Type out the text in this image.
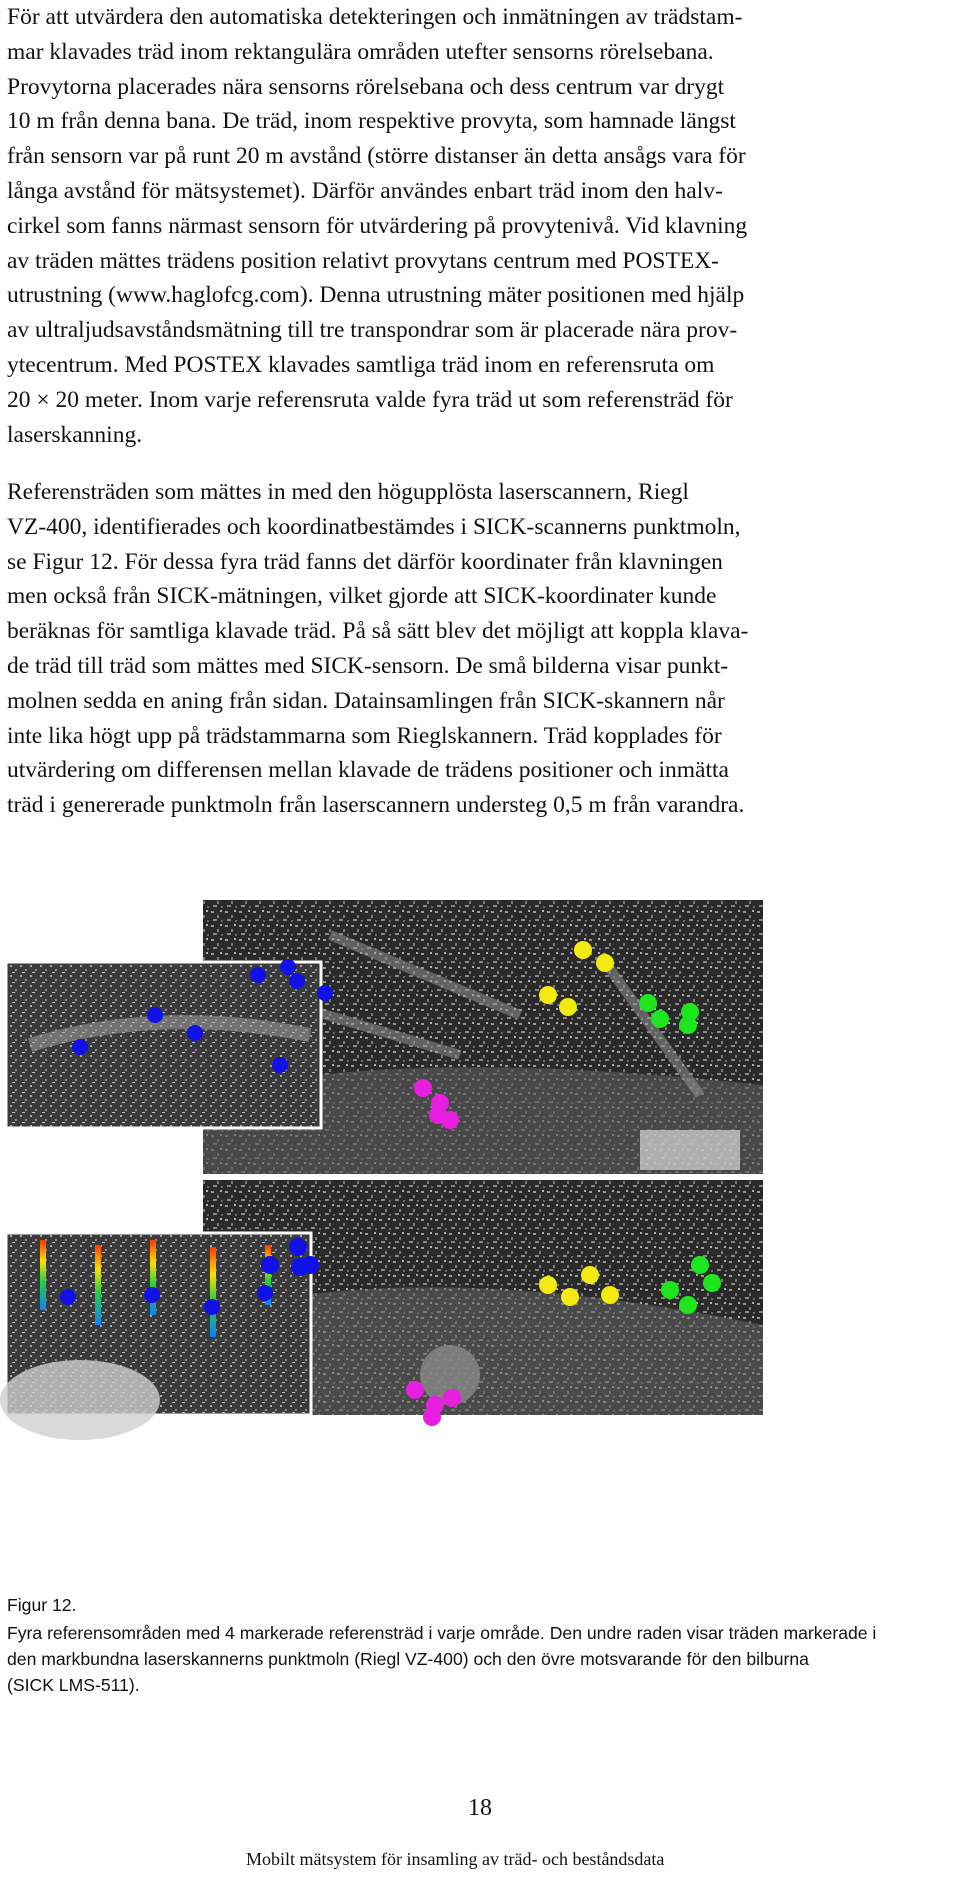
För att utvärdera den automatiska detekteringen och inmätningen av trädstam-
mar klavades träd inom rektangulära områden utefter sensorns rörelsebana.
Provytorna placerades nära sensorns rörelsebana och dess centrum var drygt
10 m från denna bana. De träd, inom respektive provyta, som hamnade längst
från sensorn var på runt 20 m avstånd (större distanser än detta ansågs vara för
långa avstånd för mätsystemet). Därför användes enbart träd inom den halv-
cirkel som fanns närmast sensorn för utvärdering på provytenivå. Vid klavning
av träden mättes trädens position relativt provytans centrum med POSTEX-
utrustning (www.haglofcg.com). Denna utrustning mäter positionen med hjälp
av ultraljudsavståndsmätning till tre transpondrar som är placerade nära prov-
ytecentrum. Med POSTEX klavades samtliga träd inom en referensruta om
20 × 20 meter. Inom varje referensruta valde fyra träd ut som referensträd för
laserskanning.
Referensträden som mättes in med den högupplösta laserscannern, Riegl
VZ-400, identifierades och koordinatbestämdes i SICK-scannerns punktmoln,
se Figur 12. För dessa fyra träd fanns det därför koordinater från klavningen
men också från SICK-mätningen, vilket gjorde att SICK-koordinater kunde
beräknas för samtliga klavade träd. På så sätt blev det möjligt att koppla klava-
de träd till träd som mättes med SICK-sensorn. De små bilderna visar punkt-
molnen sedda en aning från sidan. Datainsamlingen från SICK-skannern når
inte lika högt upp på trädstammarna som Rieglskannern. Träd kopplades för
utvärdering om differensen mellan klavade de trädens positioner och inmätta
träd i genererade punktmoln från laserscannern understeg 0,5 m från varandra.
Figur 12.
Fyra referensområden med 4 markerade referensträd i varje område. Den undre raden visar träden markerade i
den markbundna laserskannerns punktmoln (Riegl VZ-400) och den övre motsvarande för den bilburna
(SICK LMS-511).
18
Mobilt mätsystem för insamling av träd- och beståndsdata
